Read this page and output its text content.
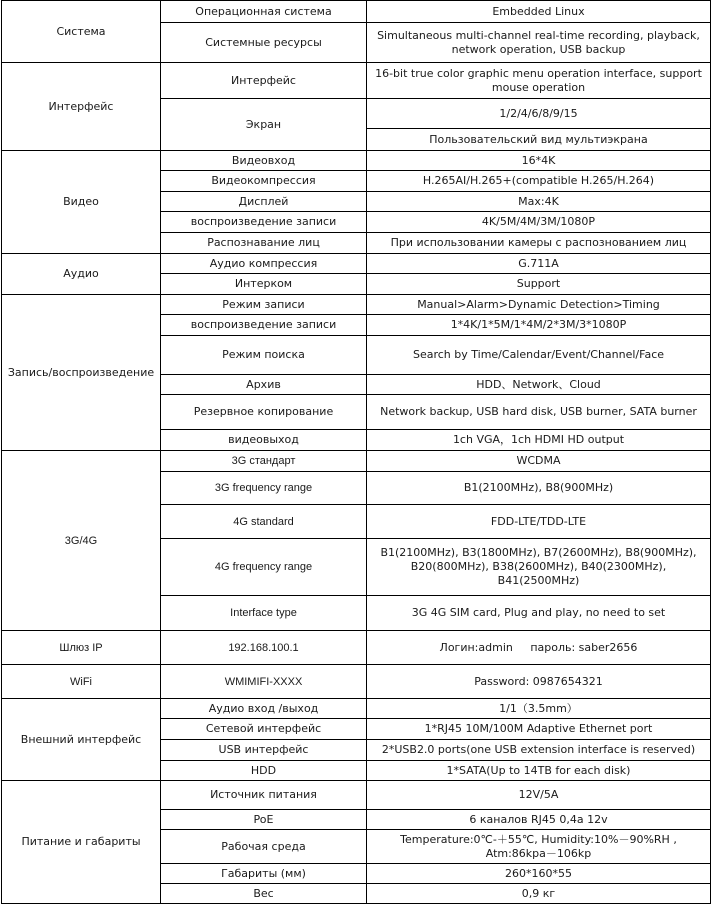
Система	Операционная система	Embedded Linux
	Системные ресурсы	Simultaneous multi-channel real-time recording, playback, network operation, USB backup
Интерфейс	Интерфейс	16-bit true color graphic menu operation interface, support mouse operation
	Экран	1/2/4/6/8/9/15
		Пользовательский вид мультиэкрана
Видео	Видеовход	16*4K
	Видеокомпрессия	H.265AI/H.265+(compatible H.265/H.264)
	Дисплей	Max:4K
	воспроизведение записи	4K/5M/4M/3M/1080P
	Распознавание лиц	При использовании камеры с распознованием лиц
Аудио	Аудио компрессия	G.711A
	Интерком	Support
Запись/воспроизведение	Режим записи	Manual>Alarm>Dynamic Detection>Timing
	воспроизведение записи	1*4K/1*5M/1*4M/2*3M/3*1080P
	Режим поиска	Search by Time/Calendar/Event/Channel/Face
	Архив	HDD、Network、Cloud
	Резервное копирование	Network backup, USB hard disk, USB burner, SATA burner
	видеовыход	1ch VGA，1ch HDMI HD output
3G/4G	3G стандарт	WCDMA
	3G frequency range	B1(2100MHz), B8(900MHz)
	4G standard	FDD-LTE/TDD-LTE
	4G frequency range	B1(2100MHz), B3(1800MHz), B7(2600MHz), B8(900MHz), B20(800MHz), B38(2600MHz), B40(2300MHz), B41(2500MHz)
	Interface type	3G 4G SIM card, Plug and play, no need to set
Шлюз IP	192.168.100.1	Логин:admin     пароль: saber2656
WiFi	WMIMIFI-XXXX	Password: 0987654321
Внешний интерфейс	Аудио вход /выход	1/1（3.5mm）
	Сетевой интерфейс	1*RJ45 10M/100M Adaptive Ethernet port
	USB интерфейс	2*USB2.0 ports(one USB extension interface is reserved)
	HDD	1*SATA(Up to 14TB for each disk)
Питание и габариты	Источник питания	12V/5A
	PoE	6 каналов RJ45 0,4a 12v
	Рабочая среда	Temperature:0℃-＋55℃, Humidity:10%－90%RH , Atm:86kpa－106kp
	Габариты (мм)	260*160*55
	Вес	0,9 кг
